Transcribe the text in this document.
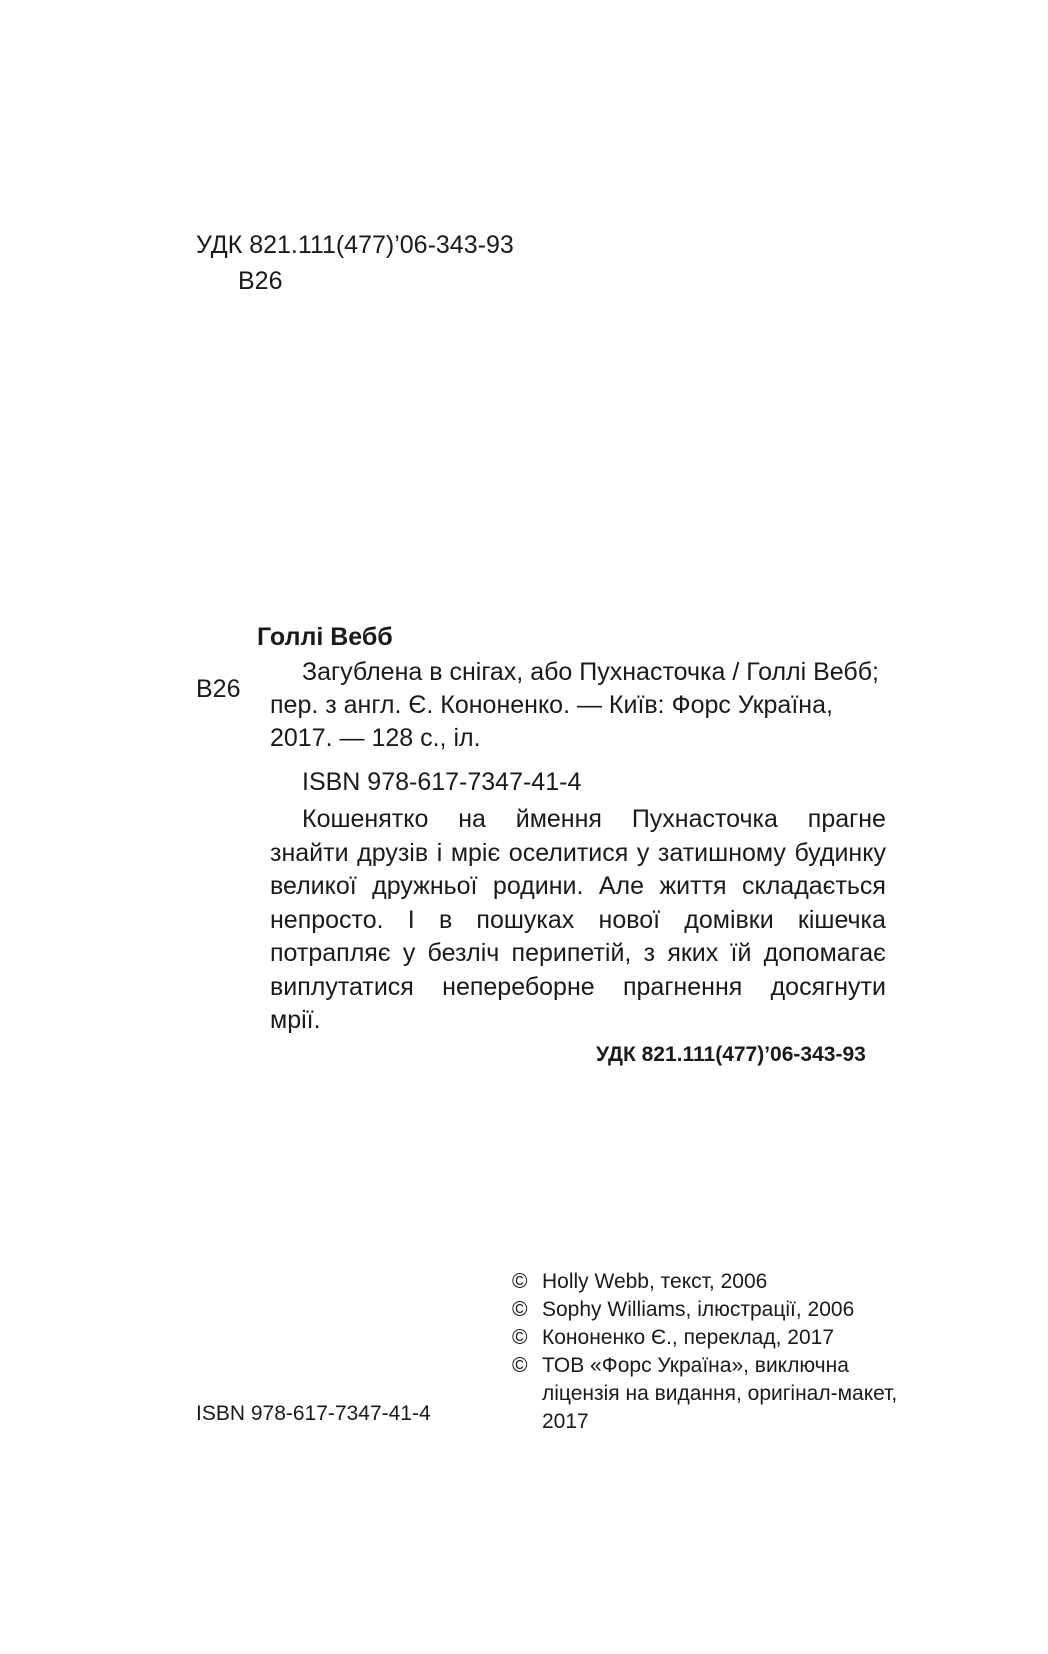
УДК 821.111(477)’06-343-93
В26
В26
Голлі Вебб
Загублена в снігах, або Пухнасточка / Голлі Вебб;
пер. з англ. Є. Кононенко. — Київ: Форс Україна,
2017. — 128 с., іл.
ISBN 978-617-7347-41-4
Кошенятко на ймення Пухнасточка прагне
знайти друзів і мріє оселитися у затишному будинку
великої дружньої родини. Але життя складається
непросто. І в пошуках нової домівки кішечка
потрапляє у безліч перипетій, з яких їй допомагає
виплутатися непереборне прагнення досягнути
мрії.
УДК 821.111(477)’06-343-93
© Holly Webb, текст, 2006
© Sophy Williams, ілюстрації, 2006
© Кононенко Є., переклад, 2017
© ТОВ «Форс Україна», виключна
ліцензія на видання, оригінал-макет,
2017
ISBN 978-617-7347-41-4
